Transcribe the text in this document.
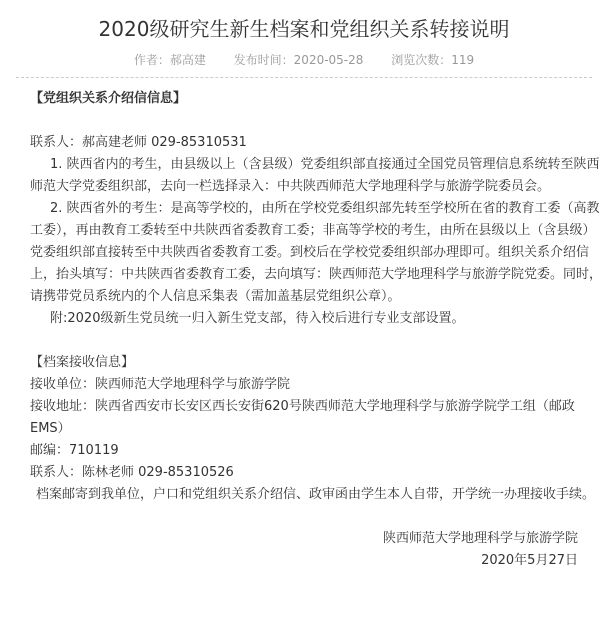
2020级研究生新生档案和党组织关系转接说明
作者：郝高建 发布时间：2020-05-28 浏览次数：119

【党组织关系介绍信信息】

联系人：郝高建老师 029-85310531

1. 陕西省内的考生，由县级以上（含县级）党委组织部直接通过全国党员管理信息系统转至陕西

师范大学党委组织部，去向一栏选择录入：中共陕西师范大学地理科学与旅游学院委员会。

2. 陕西省外的考生：是高等学校的，由所在学校党委组织部先转至学校所在省的教育工委（高教

工委），再由教育工委转至中共陕西省委教育工委；非高等学校的考生，由所在县级以上（含县级）

党委组织部直接转至中共陕西省委教育工委。到校后在学校党委组织部办理即可。组织关系介绍信

上，抬头填写：中共陕西省委教育工委，去向填写：陕西师范大学地理科学与旅游学院党委。同时，

请携带党员系统内的个人信息采集表（需加盖基层党组织公章）。

附:2020级新生党员统一归入新生党支部，待入校后进行专业支部设置。

【档案接收信息】

接收单位：陕西师范大学地理科学与旅游学院

接收地址：陕西省西安市长安区西长安街620号陕西师范大学地理科学与旅游学院学工组（邮政

EMS）

邮编：710119

联系人：陈林老师 029-85310526

档案邮寄到我单位，户口和党组织关系介绍信、政审函由学生本人自带，开学统一办理接收手续。

陕西师范大学地理科学与旅游学院

2020年5月27日
